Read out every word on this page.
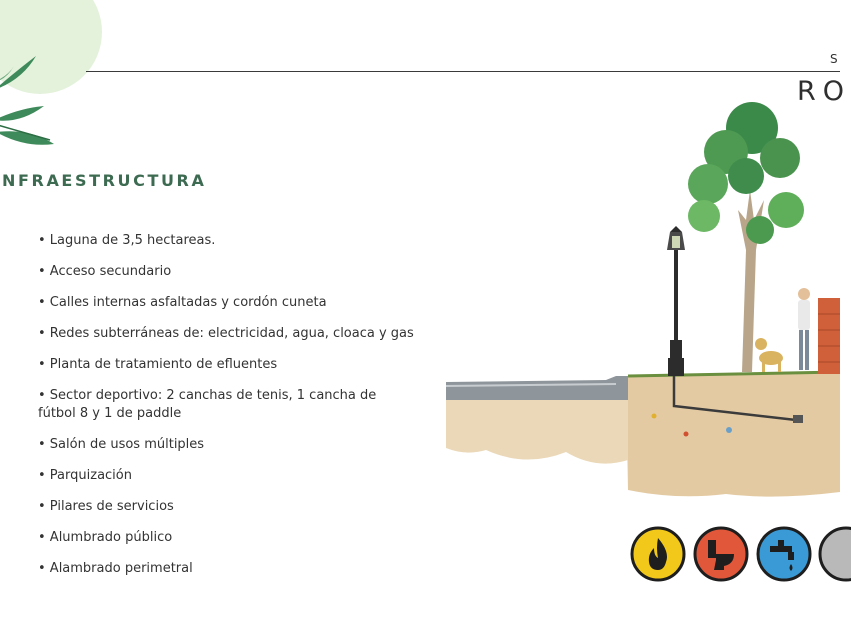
S
RO
NFRAESTRUCTURA
• Laguna de 3,5 hectareas.
• Acceso secundario
• Calles internas asfaltadas y cordón cuneta
• Redes subterráneas de: electricidad, agua, cloaca y gas
• Planta de tratamiento de efluentes
• Sector deportivo: 2 canchas de tenis, 1 cancha de fútbol 8 y 1 de paddle
• Salón de usos múltiples
• Parquización
• Pilares de servicios
• Alumbrado público
• Alambrado perimetral
